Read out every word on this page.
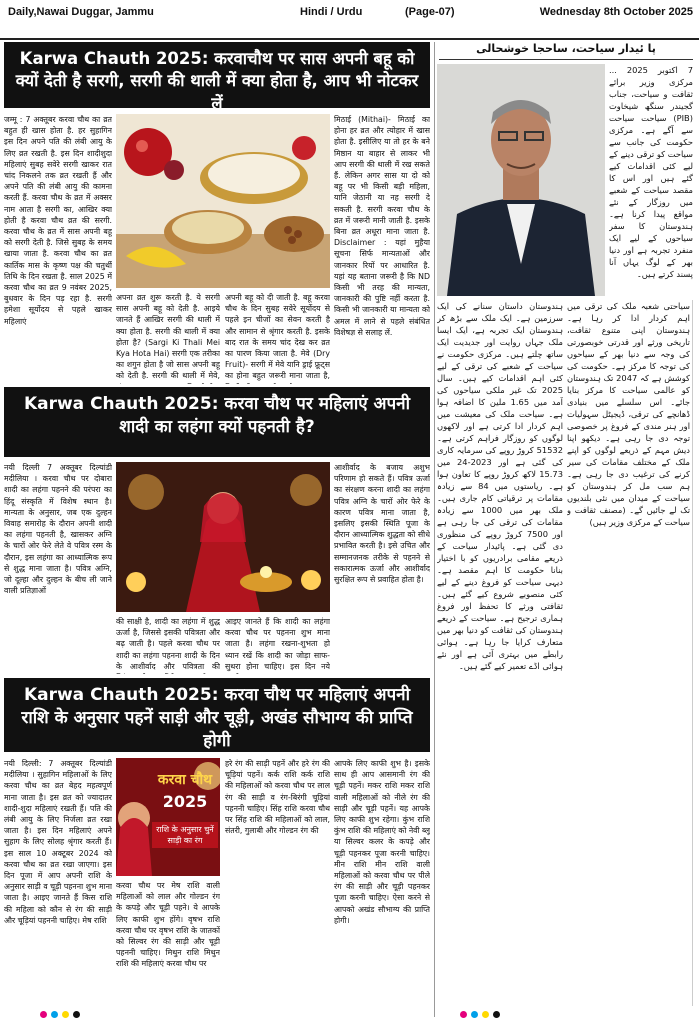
Daily,Nawai Duggar, Jammu	Hindi / Urdu	(Page-07)	Wednesday 8th October 2025
Karwa Chauth 2025: करवाचौथ पर सास अपनी बहू को क्यों देती है सरगी, सरगी की थाली में क्या होता है, आप भी नोटकर लें
जम्मू : 7 अक्तूबर करवा चौथ का व्रत बहुत ही खास होता है. हर सुहागिन इस दिन अपने पति की लंबी आयु के लिए व्रत रखती है. इस दिन शादीशुदा महिलाएं सुबह सवेरे सरगी खाकर रात चांद निकलने तक व्रत रखती हैं और अपने पति की लंबी आयु की कामना करती हैं. करवा चौथ के व्रत में अक्सर नाम आता है सरगी का, आखिर क्या होती है करवा चौथ व्रत की सरगी. करवा चौथ के व्रत में सास अपनी बहू को सरगी देती है. जिसे सुबह के समय खाया जाता है. करवा चौथ का व्रत कार्तिक मास के कृष्ण पक्ष की चतुर्थी तिथि के दिन रखता है. साल 2025 में करवा चौथ का व्रत 9 नवंबर 2025, बुधवार के दिन पड़ रहा है. सरगी हमेशा सूर्योदय से पहले खाकर महिलाएं
अपना व्रत शुरू करती है. ये सरगी सास अपनी बहू को देती है. आइये जानते हैं आखिर सरगी की थाली में क्या होता है. सरगी की थाली में क्या होता है? (Sargi Ki Thali Mei Kya Hota Hai) सरगी एक तरीका का शगुन होता है जो सास अपनी बहू को देती है. सरगी की थाली में मेवे,
अपनी बहू को दी जाती है. बहू करवा चौथ के दिन सुबह सवेरे सूर्योदय से पहले इन चीजों का सेवन करती है और सामान से श्रृंगार करती है. इसके बाद रात के समय चांद देख कर व्रत का पारण किया जाता है. मेवे (Dry Fruit)- सरगी में मेवे यानि ड्राई फ्रूट्स का होना बहुत जरूरी माना जाता है,
मिठाई (Mithai)- मिठाई का होना हर व्रत और त्योहार में खास होता है. इसीलिए या तो हर के बने मिष्ठान या बाहार से लाकर भी आप सरगी की थाली में रख सकते हैं. लेकिन अगर सास या दो को बहू पर भी किसी बड़ी महिला, यानि जेठानी या नह सरगी दे सकती है. सरगी करवा चौथ के व्रत में जरूरी मानी जाती है. इसके बिना व्रत अधूरा माना जाता है. Disclaimer : यहां मुहैया सूचना सिर्फ मान्यताओं और जानकार रियों पर आधारित है. यहां यह बताना जरूरी है कि ND किसी भी तरह की मान्यता, जानकारी की पुष्टि नहीं करता है. किसी भी जानकारी या मान्यता को अमल में लाने से पहले संबंधित विशेषज्ञ से सलाह लें.
Karwa Chauth 2025: करवा चौथ पर महिलाएं अपनी शादी का लहंगा क्यों पहनती है?
नयी दिल्ली 7 अक्तूबर दिल्यांडी मदीलिया । करवा चौथ पर दोबारा शादी का लहंगा पहनने की परंपरा का हिंदू संस्कृति में विशेष स्थान है। मान्यता के अनुसार, जब एक दुल्हन विवाह समारोह के दौरान अपनी शादी का लहंगा पहनती है, खासकर अग्नि के चारों ओर फेरे लेते वे पवित्र रस्म के दौरान, इस लहंगा का आध्यात्मिक रूप से शुद्ध माना जाता है। पवित्र अग्नि, जो दूल्हा और दुल्हन के बीच ली जाने वाली प्रतिज्ञाओं
की साक्षी है, शादी का लहंगा में शुद्ध ऊर्जा है, जिससे इसकी पवित्रता और बढ़ जाती है। पहले करवा चौथ पर शादी का लहंगा पहनना शादी के दिन के आशीर्वाद और पवित्रता की
आइए जानते हैं कि शादी का लहंगा करवा चौथ पर पहनना शुभ माना जाता है। लहंगा रखना-शुभता हो ध्यान रखें कि शादी का जोड़ा साफ-सुथरा होना चाहिए। इस दिन नये
आशीर्वाद के बजाय अशुभ परिणाम हो सकते हैं। पवित्र ऊर्जा का संरक्षण करना शादी का लहंगा पवित्र अग्नि के चारों ओर फेरे के कारण पवित्र माना जाता है, इसलिए इसकी स्थिति पूजा के दौरान आध्यात्मिक शुद्धता को सीधे प्रभावित करती है। इसे उचित और सम्मानजनक तरीके से पहनने से सकारात्मक ऊर्जा और आशीर्वाद सुरक्षित रूप से प्रवाहित होता है।
Karwa Chauth 2025: करवा चौथ पर महिलाएं अपनी राशि के अनुसार पहनें साड़ी और चूड़ी, अखंड सौभाग्य की प्राप्ति होगी
नयी दिल्ली: 7 अक्तूबर दिल्यांडी मदीलिया । सुहागिन महिलाओं के लिए करवा चौथ का व्रत बेहद महत्वपूर्ण माना जाता है। इस व्रत को ज्यादातर शादी-शुदा महिलाएं रखती हैं। पति की लंबी आयु के लिए निर्जला व्रत रखा जाता है। इस दिन महिलाएं अपने सुहाग के लिए सोलह श्रृंगार करती हैं। इस साल 10 अक्टूबर 2024 को करवा चौथ का व्रत रखा जाएगा। इस दिन पूजा में आप अपनी राशि के अनुसार साड़ी व चूड़ी पहनना शुभ माना जाता है। आइए जानते हैं किस राशि की महिला को कौन से रंग की साड़ी और चूड़ियां पहननी चाहिए। मेष राशि
करवा चौथ
2025
राशि के अनुसार चुनें साड़ी का रंग
करवा चौथ पर मेष राशि वाली महिलाओं को लाल और गोल्डन रंग के कपड़े और चूड़ी पहने। ये आपके लिए काफी शुभ होंगे। वृषभ राशि करवा चौथ पर वृषभ राशि के जातकों को सिल्वर रंग की साड़ी और चूड़ी पहननी चाहिए। मिथुन राशि मिथुन राशि की महिलाएं करवा चौथ पर
हरे रंग की साड़ी पहनें और हरे रंग की चूड़ियां पहनें। कर्क राशि कर्क राशि की महिलाओं को करवा चौथ पर लाल रंग की साड़ी व रंग-बिरंगी चूड़ियां पहननी चाहिए। सिंह राशि करवा चौथ पर सिंह राशि की महिलाओं को लाल, संतरी, गुलाबी और गोल्डन रंग की
आपके लिए काफी शुभ है। इसके साथ ही आप आसमानी रंग की चूड़ी पहनें। मकर राशि मकर राशि वाली महिलाओं को नीले रंग की साड़ी और चूड़ी पहनें। यह आपके लिए काफी शुभ रहेगा। कुंभ राशि कुंभ राशि की महिलाएं को नेवी ब्लू या सिल्वर कलर के कपड़े और चूड़ी पहनकर पूजा करनी चाहिए। मीन राशि मीन राशि वाली महिलाओं को करवा चौथ पर पीले रंग की साड़ी और चूड़ी पहनकर पूजा करनी चाहिए। ऐसा करने से आपको अखंड सौभाग्य की प्राप्ति होगी।
پا ئیدار سیاحت، ساحجا خوشحالی
7 اکتوبر 2025 ... مرکزی وزیر برائے ثقافت و سیاحت، جناب گجیندر سنگھ شیخاوت (PIB) سیاحت سیاحت سے آگے ہے۔ مرکزی حکومت کی جانب سے سیاحت کو ترقی دینے کے لیے کئی اقدامات کیے گئے ہیں اور اس کا مقصد سیاحت کے شعبے میں روزگار کے نئے مواقع پیدا کرنا ہے۔ ہندوستان کا سفر سیاحوں کے لیے ایک منفرد تجربہ ہے اور دنیا بھر کے لوگ یہاں آنا پسند کرتے ہیں۔
ہندوستان داستان سنانے کی ایک سرزمین ہے۔ ایک ملک سے بڑھ کر ہندوستان ایک تجربہ ہے، ایک ایسا ملک جہاں روایت اور جدیدیت ایک ساتھ چلتے ہیں۔ مرکزی حکومت نے سیاحت کے شعبے کی ترقی کے لیے کئی اہم اقدامات کیے ہیں۔ سال 2025 تک غیر ملکی سیاحوں کی آمد میں 1.65 ملین کا اضافہ ہوا ہے۔ سیاحت ملک کی معیشت میں اہم کردار ادا کرتی ہے اور لاکھوں لوگوں کو روزگار فراہم کرتی ہے۔ 51532 کروڑ روپے کی سرمایہ کاری کی گئی ہے اور 2023-24 میں 15.73 لاکھ کروڑ روپے کا تعاون ہوا ہے۔ ریاستوں میں 84 سے زیادہ مقامات پر ترقیاتی کام جاری ہیں۔ ملک بھر میں 1000 سے زیادہ مقامات کی ترقی کی جا رہی ہے اور 7500 کروڑ روپے کی منظوری دی گئی ہے۔ پائیدار سیاحت کے ذریعے مقامی برادریوں کو با اختیار بنانا حکومت کا اہم مقصد ہے۔ دیہی سیاحت کو فروغ دینے کے لیے کئی منصوبے شروع کیے گئے ہیں۔ ثقافتی ورثے کا تحفظ اور فروغ ہماری ترجیح ہے۔ سیاحت کے ذریعے ہندوستان کی ثقافت کو دنیا بھر میں متعارف کرایا جا رہا ہے۔ ہوائی رابطے میں بہتری آئی ہے اور نئے ہوائی اڈے تعمیر کیے گئے ہیں۔
سیاحتی شعبہ ملک کی ترقی میں اہم کردار ادا کر رہا ہے۔ ہندوستان اپنی متنوع ثقافت، تاریخی ورثے اور قدرتی خوبصورتی کی وجہ سے دنیا بھر کے سیاحوں کی توجہ کا مرکز ہے۔ حکومت کی کوشش ہے کہ 2047 تک ہندوستان کو عالمی سیاحت کا مرکز بنایا جائے۔ اس سلسلے میں بنیادی ڈھانچے کی ترقی، ڈیجیٹل سہولیات اور ہنر مندی کے فروغ پر خصوصی توجہ دی جا رہی ہے۔ دیکھو اپنا دیش مہم کے ذریعے لوگوں کو اپنے ملک کے مختلف مقامات کی سیر کرنے کی ترغیب دی جا رہی ہے۔ ہم سب مل کر ہندوستان کو سیاحت کے میدان میں نئی بلندیوں تک لے جائیں گے۔ (مصنف ثقافت و سیاحت کے مرکزی وزیر ہیں)
